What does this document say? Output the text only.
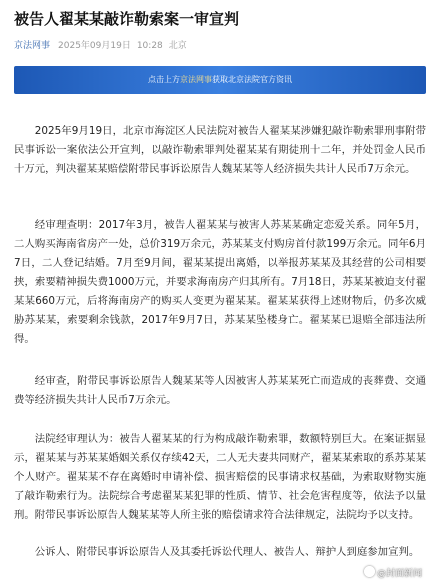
被告人翟某某敲诈勒索案一审宣判
京法网事 2025年09月19日 10:28 北京
点击上方京法网事获取北京法院官方资讯

2025年9月19日，北京市海淀区人民法院对被告人翟某某涉嫌犯敲诈勒索罪刑事附带民事诉讼一案依法公开宣判，以敲诈勒索罪判处翟某某有期徒刑十二年，并处罚金人民币十万元，判决翟某某赔偿附带民事诉讼原告人魏某某等人经济损失共计人民币7万余元。

经审理查明：2017年3月，被告人翟某某与被害人苏某某确定恋爱关系。同年5月，二人购买海南省房产一处，总价319万余元，苏某某支付购房首付款199万余元。同年6月7日，二人登记结婚。7月至9月间，翟某某提出离婚，以举报苏某某及其经营的公司相要挟，索要精神损失费1000万元，并要求海南房产归其所有。7月18日，苏某某被迫支付翟某某660万元，后将海南房产的购买人变更为翟某某。翟某某获得上述财物后，仍多次威胁苏某某，索要剩余钱款，2017年9月7日，苏某某坠楼身亡。翟某某已退赔全部违法所得。

经审查，附带民事诉讼原告人魏某某等人因被害人苏某某死亡而造成的丧葬费、交通费等经济损失共计人民币7万余元。

法院经审理认为：被告人翟某某的行为构成敲诈勒索罪，数额特别巨大。在案证据显示，翟某某与苏某某婚姻关系仅存续42天，二人无夫妻共同财产，翟某某索取的系苏某某个人财产。翟某某不存在离婚时申请补偿、损害赔偿的民事请求权基础，为索取财物实施了敲诈勒索行为。法院综合考虑翟某某犯罪的性质、情节、社会危害程度等，依法予以量刑。附带民事诉讼原告人魏某某等人所主张的赔偿请求符合法律规定，法院均予以支持。

公诉人、附带民事诉讼原告人及其委托诉讼代理人、被告人、辩护人到庭参加宣判。

@封面新闻
